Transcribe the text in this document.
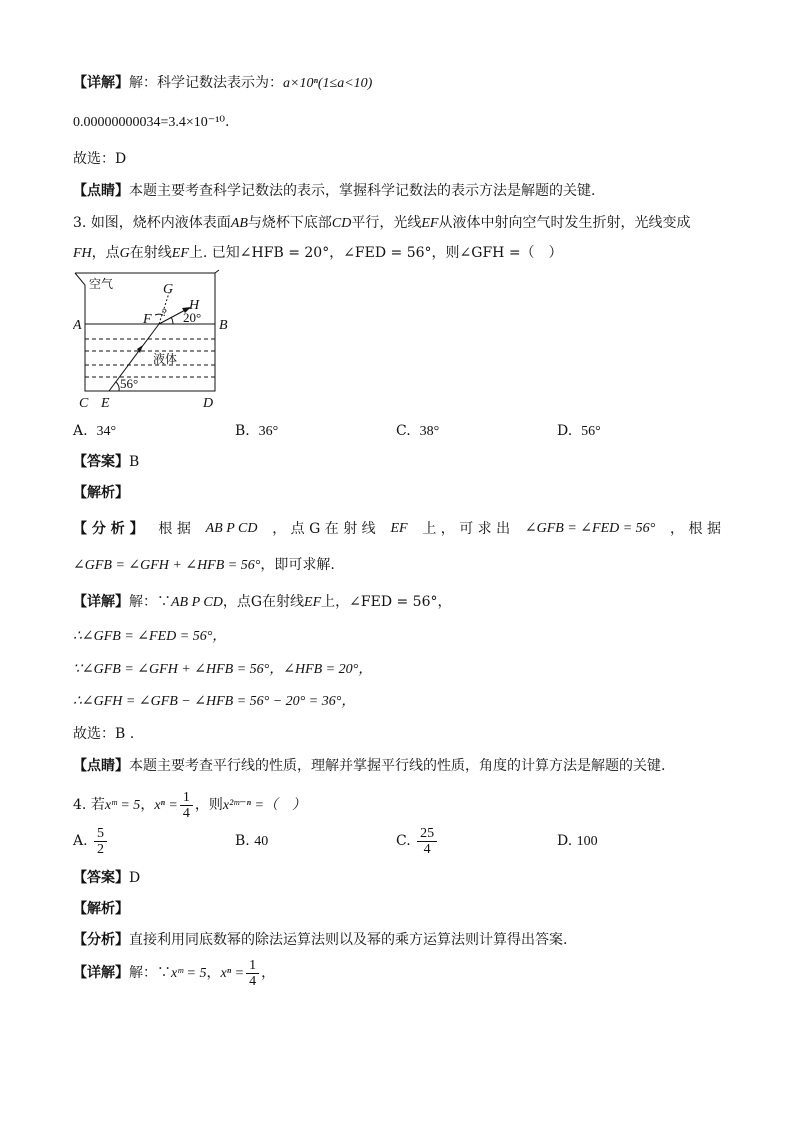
【详解】解：科学记数法表示为：a×10ⁿ(1≤a<10)
0.00000000034=3.4×10⁻¹⁰.
故选：D
【点睛】本题主要考查科学记数法的表示，掌握科学记数法的表示方法是解题的关键.
3. 如图，烧杯内液体表面AB与烧杯下底部CD平行，光线EF从液体中射向空气时发生折射，光线变成
FH，点G在射线EF上. 已知∠HFB = 20°，∠FED = 56°，则∠GFH =（　）
A	B
C E	D
F
G
H
20°
56°
?
空气
液体
A. 34°	B. 36°	C. 38°	D. 56°
【答案】B
【解析】
【 分 析 】 根 据 AB P CD ， 点 G 在 射 线 EF 上 ， 可 求 出 ∠GFB = ∠FED = 56° ， 根 据
∠GFB = ∠GFH + ∠HFB = 56°，即可求解.
【详解】解：∵AB P CD，点G在射线EF上，∠FED = 56°，
∴∠GFB = ∠FED = 56°，
∵∠GFB = ∠GFH + ∠HFB = 56°，∠HFB = 20°，
∴∠GFH = ∠GFB − ∠HFB = 56° − 20° = 36°，
故选：B .
【点睛】本题主要考查平行线的性质，理解并掌握平行线的性质，角度的计算方法是解题的关键.
4. 若xᵐ = 5，$x^n = \frac{1}{4}$ ，则x²ᵐ⁻ⁿ =（　）
A. $\frac{5}{2}$	B. 40	C. $\frac{25}{4}$	D. 100
【答案】D
【解析】
【分析】直接利用同底数幂的除法运算法则以及幂的乘方运算法则计算得出答案.
【详解】解：∵xᵐ = 5，$x^n = \frac{1}{4}$ ，
